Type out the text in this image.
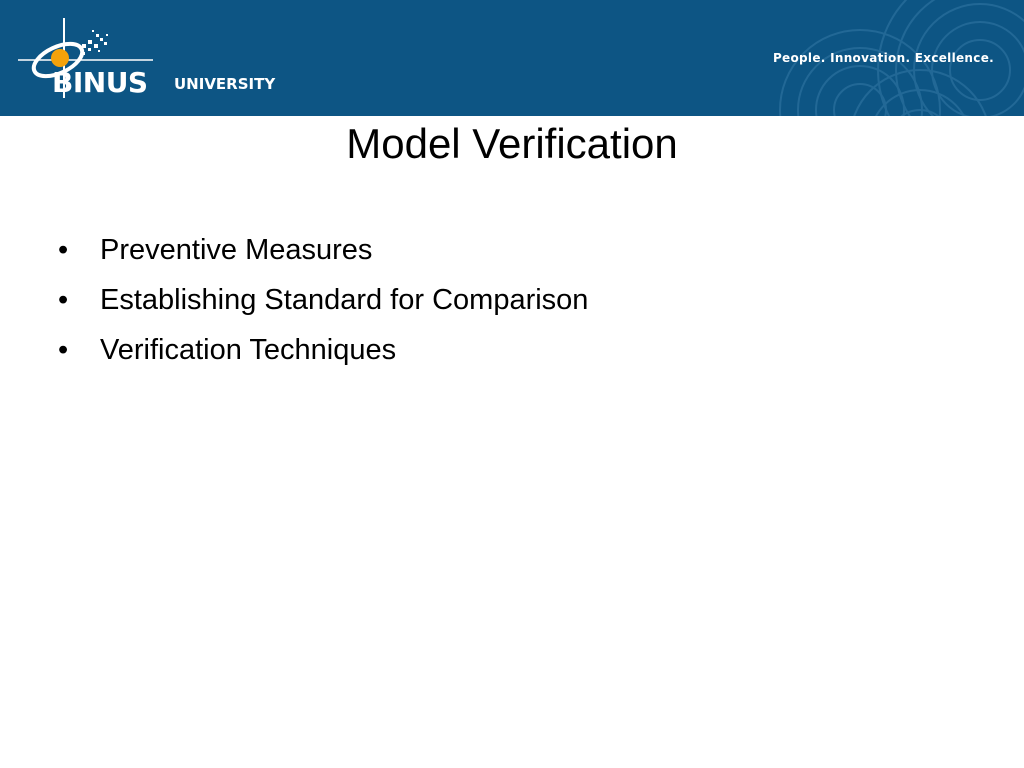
BINUS UNIVERSITY
People. Innovation. Excellence.
Model Verification
•	Preventive Measures
•	Establishing Standard for Comparison
•	Verification Techniques
